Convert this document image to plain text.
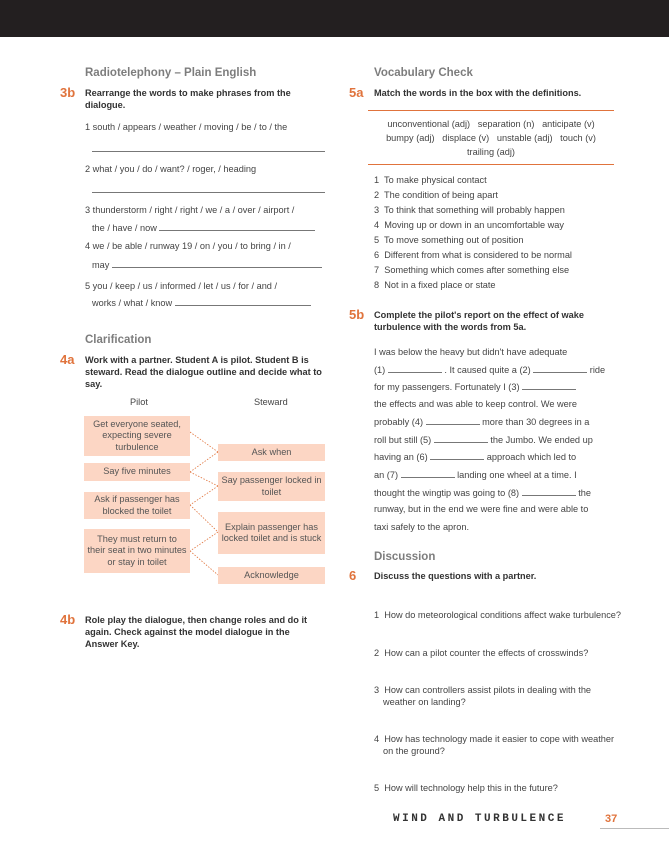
Radiotelephony – Plain English
3b Rearrange the words to make phrases from the dialogue.
1 south / appears / weather / moving / be / to / the
2 what / you / do / want? / roger, / heading
3 thunderstorm / right / right / we / a / over / airport /
the / have / now
4 we / be able / runway 19 / on / you / to bring / in /
may
5 you / keep / us / informed / let / us / for / and /
works / what / know
Clarification
4a Work with a partner. Student A is pilot. Student B is steward. Read the dialogue outline and decide what to say.
Pilot	Steward
Get everyone seated, expecting severe turbulence
Say five minutes
Ask if passenger has blocked the toilet
They must return to their seat in two minutes or stay in toilet
Ask when
Say passenger locked in toilet
Explain passenger has locked toilet and is stuck
Acknowledge
4b Role play the dialogue, then change roles and do it again. Check against the model dialogue in the Answer Key.
Vocabulary Check
5a Match the words in the box with the definitions.
unconventional (adj)   separation (n)   anticipate (v)
bumpy (adj)   displace (v)   unstable (adj)   touch (v)
trailing (adj)
1  To make physical contact
2  The condition of being apart
3  To think that something will probably happen
4  Moving up or down in an uncomfortable way
5  To move something out of position
6  Different from what is considered to be normal
7  Something which comes after something else
8  Not in a fixed place or state
5b Complete the pilot's report on the effect of wake turbulence with the words from 5a.
I was below the heavy but didn't have adequate
(1)	. It caused quite a (2)	ride
for my passengers. Fortunately I (3)
the effects and was able to keep control. We were
probably (4)	more than 30 degrees in a
roll but still (5)	the Jumbo. We ended up
having an (6)	approach which led to
an (7)	landing one wheel at a time. I
thought the wingtip was going to (8)	the
runway, but in the end we were fine and were able to
taxi safely to the apron.
Discussion
6 Discuss the questions with a partner.

1  How do meteorological conditions affect wake turbulence?

2  How can a pilot counter the effects of crosswinds?

3  How can controllers assist pilots in dealing with the weather on landing?

4  How has technology made it easier to cope with weather on the ground?

5  How will technology help this in the future?

WIND AND TURBULENCE	37
